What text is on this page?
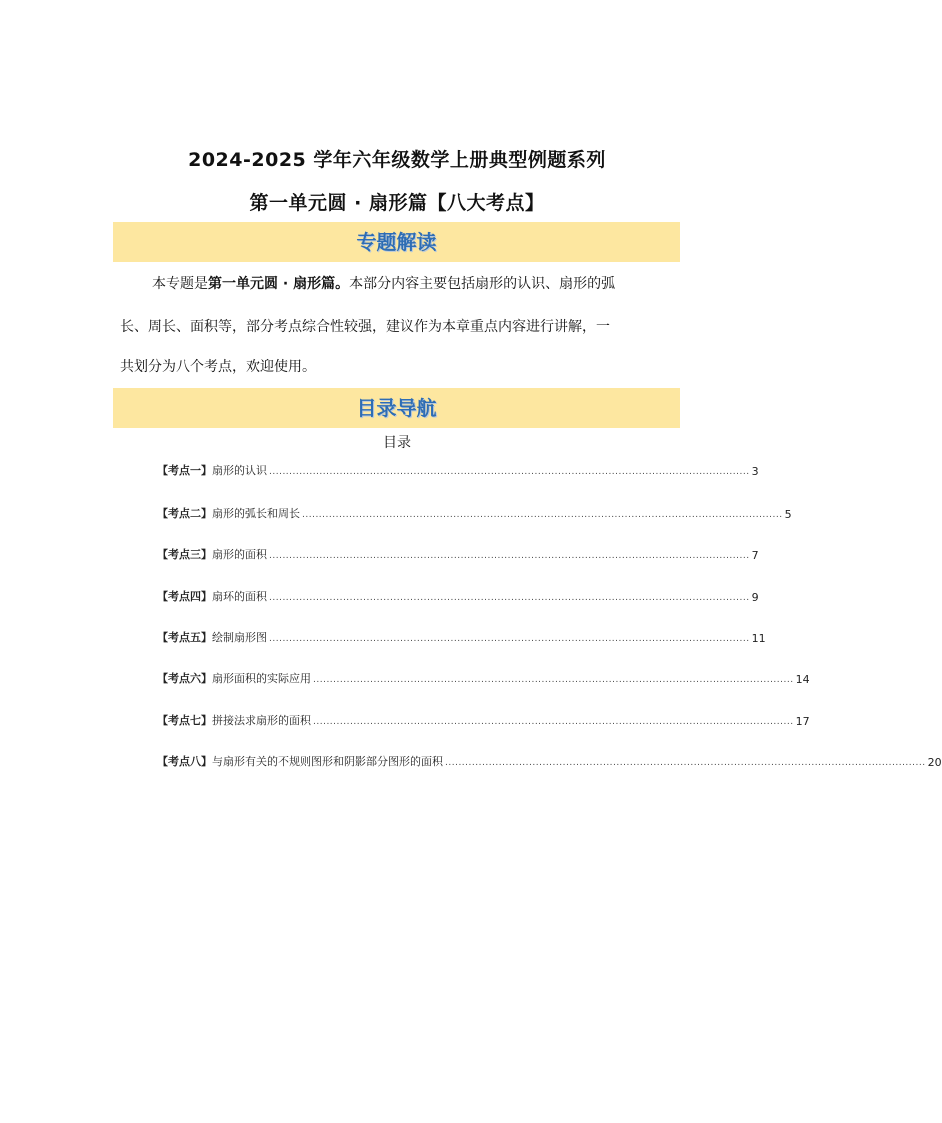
2024-2025 学年六年级数学上册典型例题系列
第一单元圆 · 扇形篇【八大考点】
专题解读
本专题是第一单元圆 · 扇形篇。本部分内容主要包括扇形的认识、扇形的弧
长、周长、面积等，部分考点综合性较强，建议作为本章重点内容进行讲解，一
共划分为八个考点，欢迎使用。
目录导航
目录
【考点一】 扇形的认识 ............................................................................................................................................... 3
【考点二】 扇形的弧长和周长 ............................................................................................................................................... 5
【考点三】 扇形的面积 ............................................................................................................................................... 7
【考点四】 扇环的面积 ............................................................................................................................................... 9
【考点五】 绘制扇形图 ............................................................................................................................................... 11
【考点六】 扇形面积的实际应用 ............................................................................................................................................... 14
【考点七】 拼接法求扇形的面积 ............................................................................................................................................... 17
【考点八】 与扇形有关的不规则图形和阴影部分图形的面积 ............................................................................................................................................... 20
